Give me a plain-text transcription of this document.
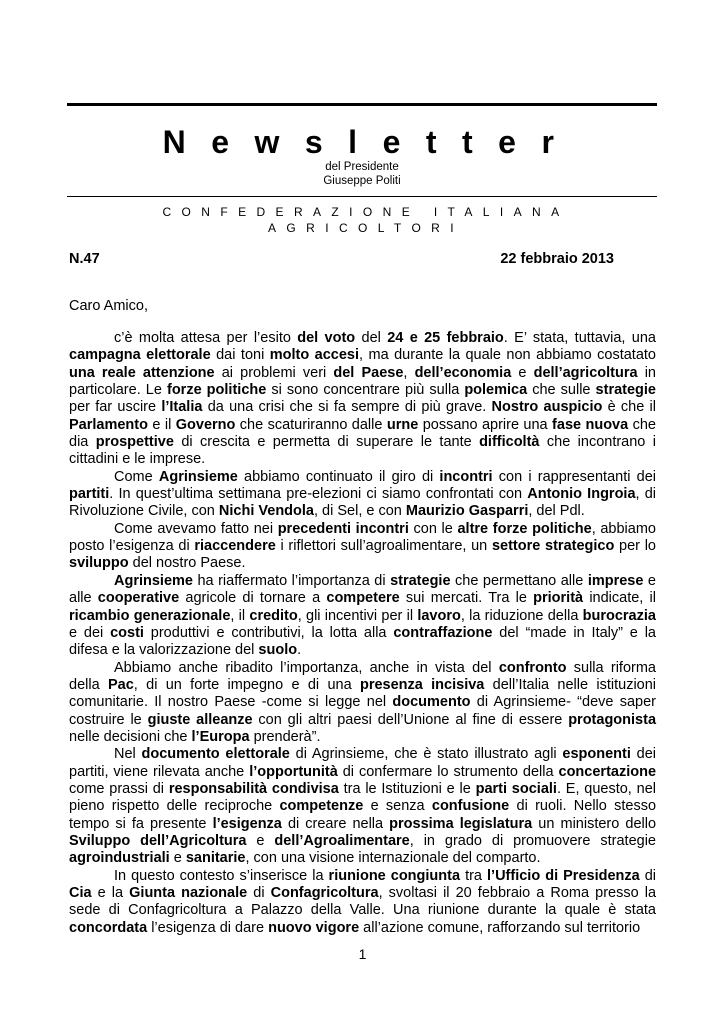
Newsletter
del Presidente
Giuseppe Politi
CONFEDERAZIONE ITALIANA AGRICOLTORI
N.47	22 febbraio 2013
Caro Amico,

c’è molta attesa per l’esito del voto del 24 e 25 febbraio. E’ stata, tuttavia, una campagna elettorale dai toni molto accesi, ma durante la quale non abbiamo costatato una reale attenzione ai problemi veri del Paese, dell’economia e dell’agricoltura in particolare. Le forze politiche si sono concentrare più sulla polemica che sulle strategie per far uscire l’Italia da una crisi che si fa sempre di più grave. Nostro auspicio è che il Parlamento e il Governo che scaturiranno dalle urne possano aprire una fase nuova che dia prospettive di crescita e permetta di superare le tante difficoltà che incontrano i cittadini e le imprese.

Come Agrinsieme abbiamo continuato il giro di incontri con i rappresentanti dei partiti. In quest’ultima settimana pre-elezioni ci siamo confrontati con Antonio Ingroia, di Rivoluzione Civile, con Nichi Vendola, di Sel, e con Maurizio Gasparri, del Pdl.

Come avevamo fatto nei precedenti incontri con le altre forze politiche, abbiamo posto l’esigenza di riaccendere i riflettori sull’agroalimentare, un settore strategico per lo sviluppo del nostro Paese.

Agrinsieme ha riaffermato l’importanza di strategie che permettano alle imprese e alle cooperative agricole di tornare a competere sui mercati. Tra le priorità indicate, il ricambio generazionale, il credito, gli incentivi per il lavoro, la riduzione della burocrazia e dei costi produttivi e contributivi, la lotta alla contraffazione del “made in Italy” e la difesa e la valorizzazione del suolo.

Abbiamo anche ribadito l’importanza, anche in vista del confronto sulla riforma della Pac, di un forte impegno e di una presenza incisiva dell’Italia nelle istituzioni comunitarie. Il nostro Paese -come si legge nel documento di Agrinsieme- “deve saper costruire le giuste alleanze con gli altri paesi dell’Unione al fine di essere protagonista nelle decisioni che l’Europa prenderà”.

Nel documento elettorale di Agrinsieme, che è stato illustrato agli esponenti dei partiti, viene rilevata anche l’opportunità di confermare lo strumento della concertazione come prassi di responsabilità condivisa tra le Istituzioni e le parti sociali. E, questo, nel pieno rispetto delle reciproche competenze e senza confusione di ruoli. Nello stesso tempo si fa presente l’esigenza di creare nella prossima legislatura un ministero dello Sviluppo dell’Agricoltura e dell’Agroalimentare, in grado di promuovere strategie agroindustriali e sanitarie, con una visione internazionale del comparto.

In questo contesto s’inserisce la riunione congiunta tra l’Ufficio di Presidenza di Cia e la Giunta nazionale di Confagricoltura, svoltasi il 20 febbraio a Roma presso la sede di Confagricoltura a Palazzo della Valle. Una riunione durante la quale è stata concordata l’esigenza di dare nuovo vigore all’azione comune, rafforzando sul territorio

1
